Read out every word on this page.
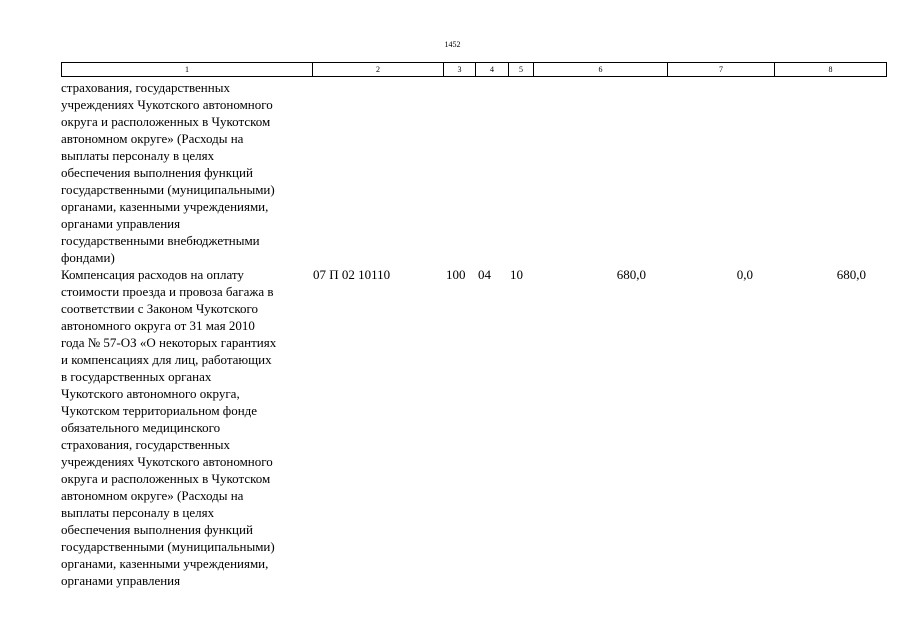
1452
1	2	3	4	5	6	7	8
страхования, государственных
учреждениях Чукотского автономного
округа и расположенных в Чукотском
автономном округе» (Расходы на
выплаты персоналу в целях
обеспечения выполнения функций
государственными (муниципальными)
органами, казенными учреждениями,
органами управления
государственными внебюджетными
фондами)
Компенсация расходов на оплату
стоимости проезда и провоза багажа в
соответствии с Законом Чукотского
автономного округа от 31 мая 2010
года № 57-ОЗ «О некоторых гарантиях
и компенсациях для лиц, работающих
в государственных органах
Чукотского автономного округа,
Чукотском территориальном фонде
обязательного медицинского
страхования, государственных
учреждениях Чукотского автономного
округа и расположенных в Чукотском
автономном округе» (Расходы на
выплаты персоналу в целях
обеспечения выполнения функций
государственными (муниципальными)
органами, казенными учреждениями,
органами управления
07 П 02 10110	100 04 10	680,0	0,0	680,0
